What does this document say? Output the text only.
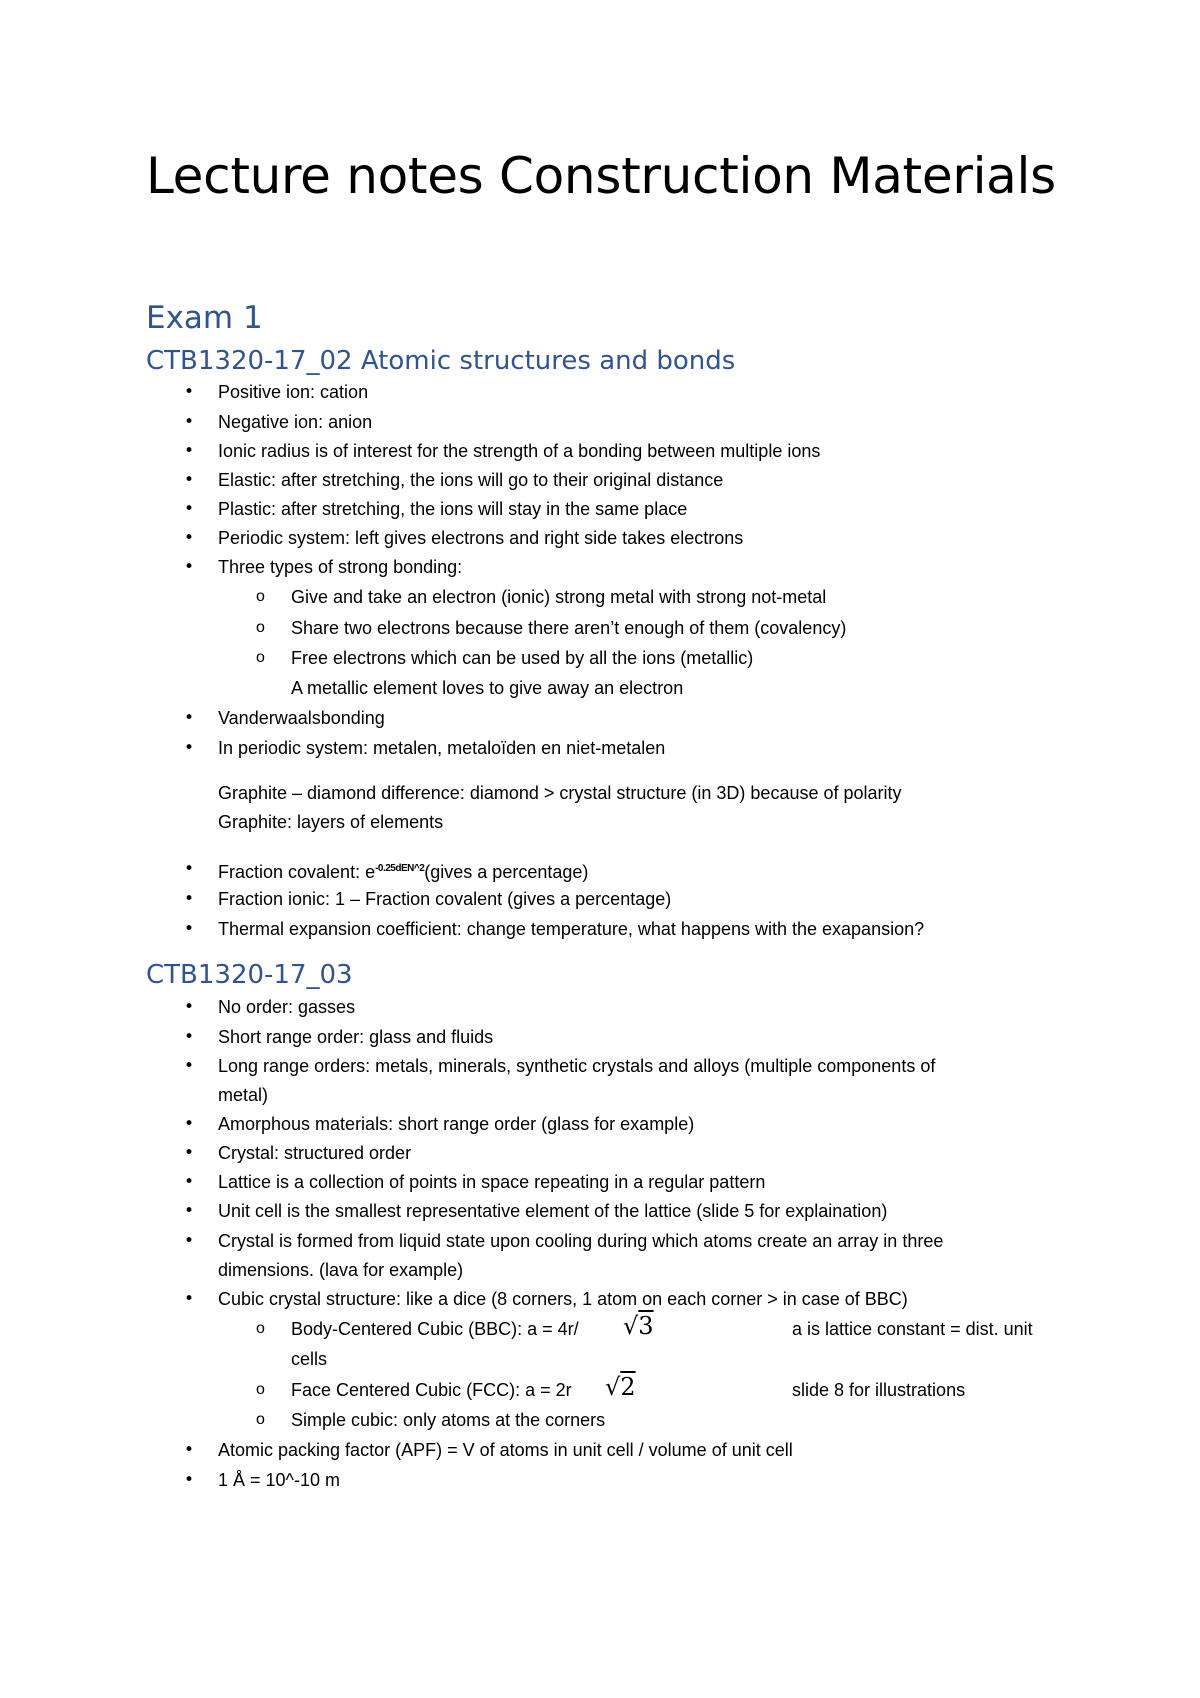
Lecture notes Construction Materials
Exam 1
CTB1320-17_02 Atomic structures and bonds
• Positive ion: cation
• Negative ion: anion
• Ionic radius is of interest for the strength of a bonding between multiple ions
• Elastic: after stretching, the ions will go to their original distance
• Plastic: after stretching, the ions will stay in the same place
• Periodic system: left gives electrons and right side takes electrons
• Three types of strong bonding:
o Give and take an electron (ionic) strong metal with strong not-metal
o Share two electrons because there aren’t enough of them (covalency)
o Free electrons which can be used by all the ions (metallic)
A metallic element loves to give away an electron
• Vanderwaalsbonding
• In periodic system: metalen, metaloïden en niet-metalen
Graphite – diamond difference: diamond > crystal structure (in 3D) because of polarity
Graphite: layers of elements
• Fraction covalent: $e^{-0.25dEN\^{}2}(gives$ a percentage)
• Fraction ionic: 1 – Fraction covalent (gives a percentage)
• Thermal expansion coefficient: change temperature, what happens with the exapansion?
CTB1320-17_03
• No order: gasses
• Short range order: glass and fluids
• Long range orders: metals, minerals, synthetic crystals and alloys (multiple components of
metal)
• Amorphous materials: short range order (glass for example)
• Crystal: structured order
• Lattice is a collection of points in space repeating in a regular pattern
• Unit cell is the smallest representative element of the lattice (slide 5 for explaination)
• Crystal is formed from liquid state upon cooling during which atoms create an array in three
dimensions. (lava for example)
• Cubic crystal structure: like a dice (8 corners, 1 atom on each corner > in case of BBC)
o Body-Centered Cubic (BBC): a = 4r/ √3	a is lattice constant = dist. unit
cells
o Face Centered Cubic (FCC): a = 2r √2	slide 8 for illustrations
o Simple cubic: only atoms at the corners
• Atomic packing factor (APF) = V of atoms in unit cell / volume of unit cell
• 1 Å = 10^-10 m
